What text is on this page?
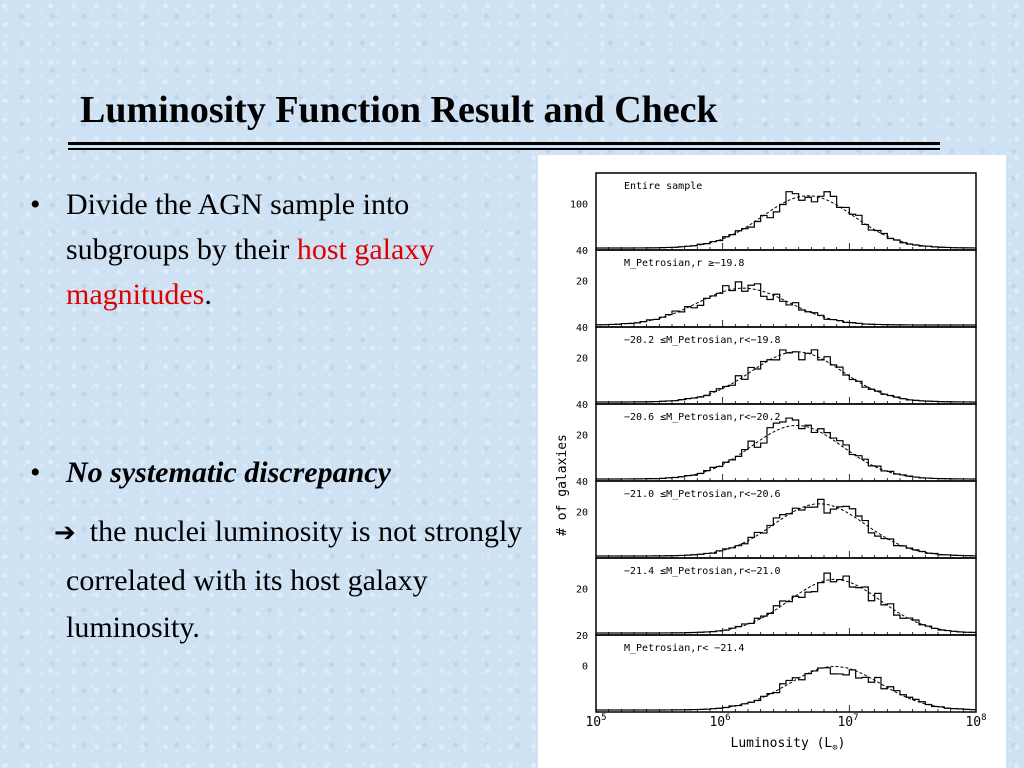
Luminosity Function Result and Check
• Divide the AGN sample into subgroups by their host galaxy magnitudes.
• No systematic discrepancy
➔ the nuclei luminosity is not strongly correlated with its host galaxy luminosity.
Entire sample
100
40
M_Petrosian,r ≥−19.8
20
40
−20.2 ≤M_Petrosian,r<−19.8
20
40
−20.6 ≤M_Petrosian,r<−20.2
20
40
−21.0 ≤M_Petrosian,r<−20.6
20
−21.4 ≤M_Petrosian,r<−21.0
20
20
M_Petrosian,r< −21.4
0
# of galaxies
$10^5$	$10^6$	$10^7$	$10^8$
Luminosity $(L_⊙)$
